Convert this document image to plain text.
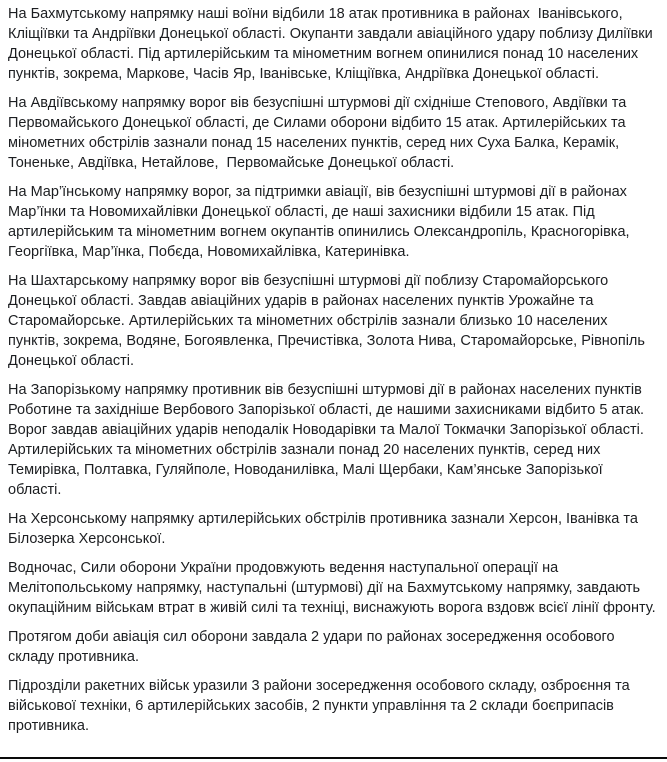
На Бахмутському напрямку наші воїни відбили 18 атак противника в районах  Іванівського, Кліщіївки та Андріївки Донецької області. Окупанти завдали авіаційного удару поблизу Диліївки Донецької області. Під артилерійським та мінометним вогнем опинилися понад 10 населених пунктів, зокрема, Маркове, Часів Яр, Іванівське, Кліщіївка, Андріївка Донецької області.

На Авдіївському напрямку ворог вів безуспішні штурмові дії східніше Степового, Авдіївки та Первомайського Донецької області, де Силами оборони відбито 15 атак. Артилерійських та мінометних обстрілів зазнали понад 15 населених пунктів, серед них Суха Балка, Керамік, Тоненьке, Авдіївка, Нетайлове,  Первомайське Донецької області.

На Мар’їнському напрямку ворог, за підтримки авіації, вів безуспішні штурмові дії в районах Мар’їнки та Новомихайлівки Донецької області, де наші захисники відбили 15 атак. Під артилерійським та мінометним вогнем окупантів опинились Олександропіль, Красногорівка, Георгіївка, Мар’їнка, Побєда, Новомихайлівка, Катеринівка.

На Шахтарському напрямку ворог вів безуспішні штурмові дії поблизу Старомайорського Донецької області. Завдав авіаційних ударів в районах населених пунктів Урожайне та Старомайорське. Артилерійських та мінометних обстрілів зазнали близько 10 населених пунктів, зокрема, Водяне, Богоявленка, Пречистівка, Золота Нива, Старомайорське, Рівнопіль Донецької області.

На Запорізькому напрямку противник вів безуспішні штурмові дії в районах населених пунктів Роботине та західніше Вербового Запорізької області, де нашими захисниками відбито 5 атак. Ворог завдав авіаційних ударів неподалік Новодарівки та Малої Токмачки Запорізької області. Артилерійських та мінометних обстрілів зазнали понад 20 населених пунктів, серед них Темирівка, Полтавка, Гуляйполе, Новоданилівка, Малі Щербаки, Кам’янське Запорізької області.

На Херсонському напрямку артилерійських обстрілів противника зазнали Херсон, Іванівка та Білозерка Херсонської.

Водночас, Сили оборони України продовжують ведення наступальної операції на Мелітопольському напрямку, наступальні (штурмові) дії на Бахмутському напрямку, завдають окупаційним військам втрат в живій силі та техніці, виснажують ворога вздовж всієї лінії фронту.

Протягом доби авіація сил оборони завдала 2 удари по районах зосередження особового складу противника.

Підрозділи ракетних військ уразили 3 райони зосередження особового складу, озброєння та військової техніки, 6 артилерійських засобів, 2 пункти управління та 2 склади боєприпасів противника.
